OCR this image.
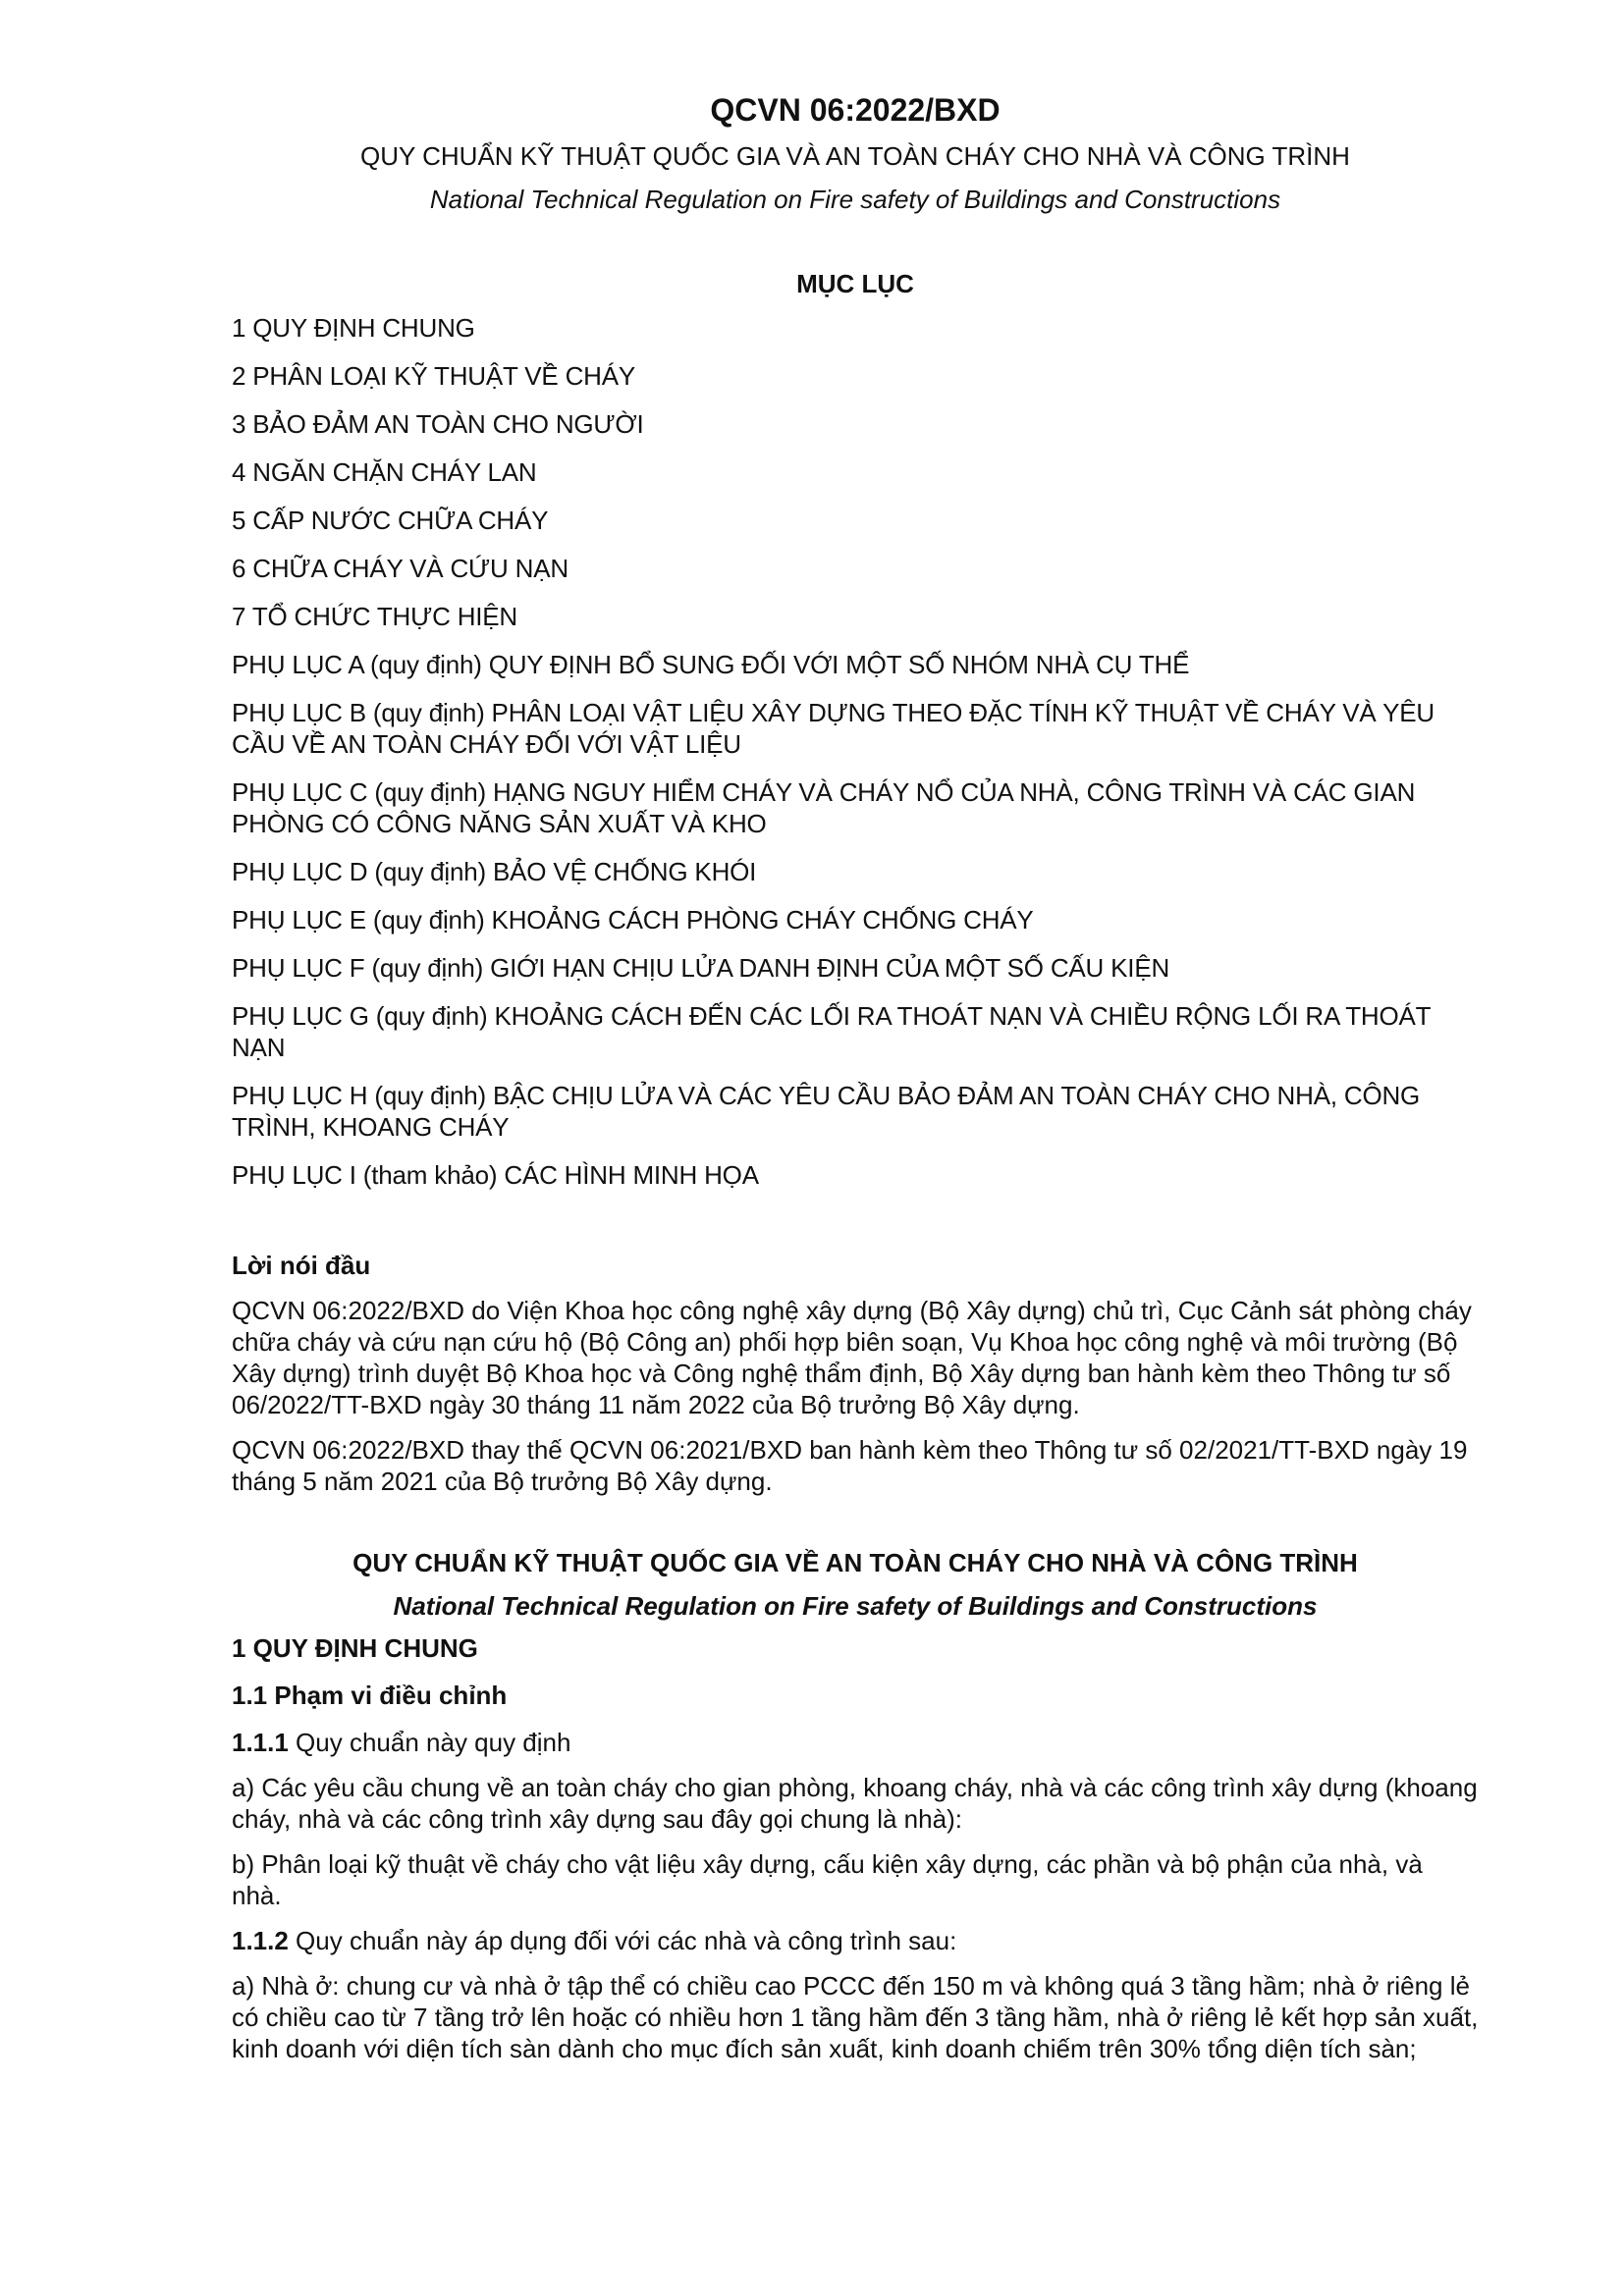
QCVN 06:2022/BXD

QUY CHUẨN KỸ THUẬT QUỐC GIA VÀ AN TOÀN CHÁY CHO NHÀ VÀ CÔNG TRÌNH

National Technical Regulation on Fire safety of Buildings and Constructions

MỤC LỤC

1 QUY ĐỊNH CHUNG

2 PHÂN LOẠI KỸ THUẬT VỀ CHÁY

3 BẢO ĐẢM AN TOÀN CHO NGƯỜI

4 NGĂN CHẶN CHÁY LAN

5 CẤP NƯỚC CHỮA CHÁY

6 CHỮA CHÁY VÀ CỨU NẠN

7 TỔ CHỨC THỰC HIỆN

PHỤ LỤC A (quy định) QUY ĐỊNH BỔ SUNG ĐỐI VỚI MỘT SỐ NHÓM NHÀ CỤ THỂ

PHỤ LỤC B (quy định) PHÂN LOẠI VẬT LIỆU XÂY DỰNG THEO ĐẶC TÍNH KỸ THUẬT VỀ CHÁY VÀ YÊU CẦU VỀ AN TOÀN CHÁY ĐỐI VỚI VẬT LIỆU

PHỤ LỤC C (quy định) HẠNG NGUY HIỂM CHÁY VÀ CHÁY NỔ CỦA NHÀ, CÔNG TRÌNH VÀ CÁC GIAN PHÒNG CÓ CÔNG NĂNG SẢN XUẤT VÀ KHO

PHỤ LỤC D (quy định) BẢO VỆ CHỐNG KHÓI

PHỤ LỤC E (quy định) KHOẢNG CÁCH PHÒNG CHÁY CHỐNG CHÁY

PHỤ LỤC F (quy định) GIỚI HẠN CHỊU LỬA DANH ĐỊNH CỦA MỘT SỐ CẤU KIỆN

PHỤ LỤC G (quy định) KHOẢNG CÁCH ĐẾN CÁC LỐI RA THOÁT NẠN VÀ CHIỀU RỘNG LỐI RA THOÁT NẠN

PHỤ LỤC H (quy định) BẬC CHỊU LỬA VÀ CÁC YÊU CẦU BẢO ĐẢM AN TOÀN CHÁY CHO NHÀ, CÔNG TRÌNH, KHOANG CHÁY

PHỤ LỤC I (tham khảo) CÁC HÌNH MINH HỌA

Lời nói đầu

QCVN 06:2022/BXD do Viện Khoa học công nghệ xây dựng (Bộ Xây dựng) chủ trì, Cục Cảnh sát phòng cháy chữa cháy và cứu nạn cứu hộ (Bộ Công an) phối hợp biên soạn, Vụ Khoa học công nghệ và môi trường (Bộ Xây dựng) trình duyệt Bộ Khoa học và Công nghệ thẩm định, Bộ Xây dựng ban hành kèm theo Thông tư số 06/2022/TT-BXD ngày 30 tháng 11 năm 2022 của Bộ trưởng Bộ Xây dựng.

QCVN 06:2022/BXD thay thế QCVN 06:2021/BXD ban hành kèm theo Thông tư số 02/2021/TT-BXD ngày 19 tháng 5 năm 2021 của Bộ trưởng Bộ Xây dựng.

QUY CHUẨN KỸ THUẬT QUỐC GIA VỀ AN TOÀN CHÁY CHO NHÀ VÀ CÔNG TRÌNH

National Technical Regulation on Fire safety of Buildings and Constructions

1 QUY ĐỊNH CHUNG

1.1 Phạm vi điều chỉnh

1.1.1 Quy chuẩn này quy định

a) Các yêu cầu chung về an toàn cháy cho gian phòng, khoang cháy, nhà và các công trình xây dựng (khoang cháy, nhà và các công trình xây dựng sau đây gọi chung là nhà):

b) Phân loại kỹ thuật về cháy cho vật liệu xây dựng, cấu kiện xây dựng, các phần và bộ phận của nhà, và nhà.

1.1.2 Quy chuẩn này áp dụng đối với các nhà và công trình sau:

a) Nhà ở: chung cư và nhà ở tập thể có chiều cao PCCC đến 150 m và không quá 3 tầng hầm; nhà ở riêng lẻ có chiều cao từ 7 tầng trở lên hoặc có nhiều hơn 1 tầng hầm đến 3 tầng hầm, nhà ở riêng lẻ kết hợp sản xuất, kinh doanh với diện tích sàn dành cho mục đích sản xuất, kinh doanh chiếm trên 30% tổng diện tích sàn;
